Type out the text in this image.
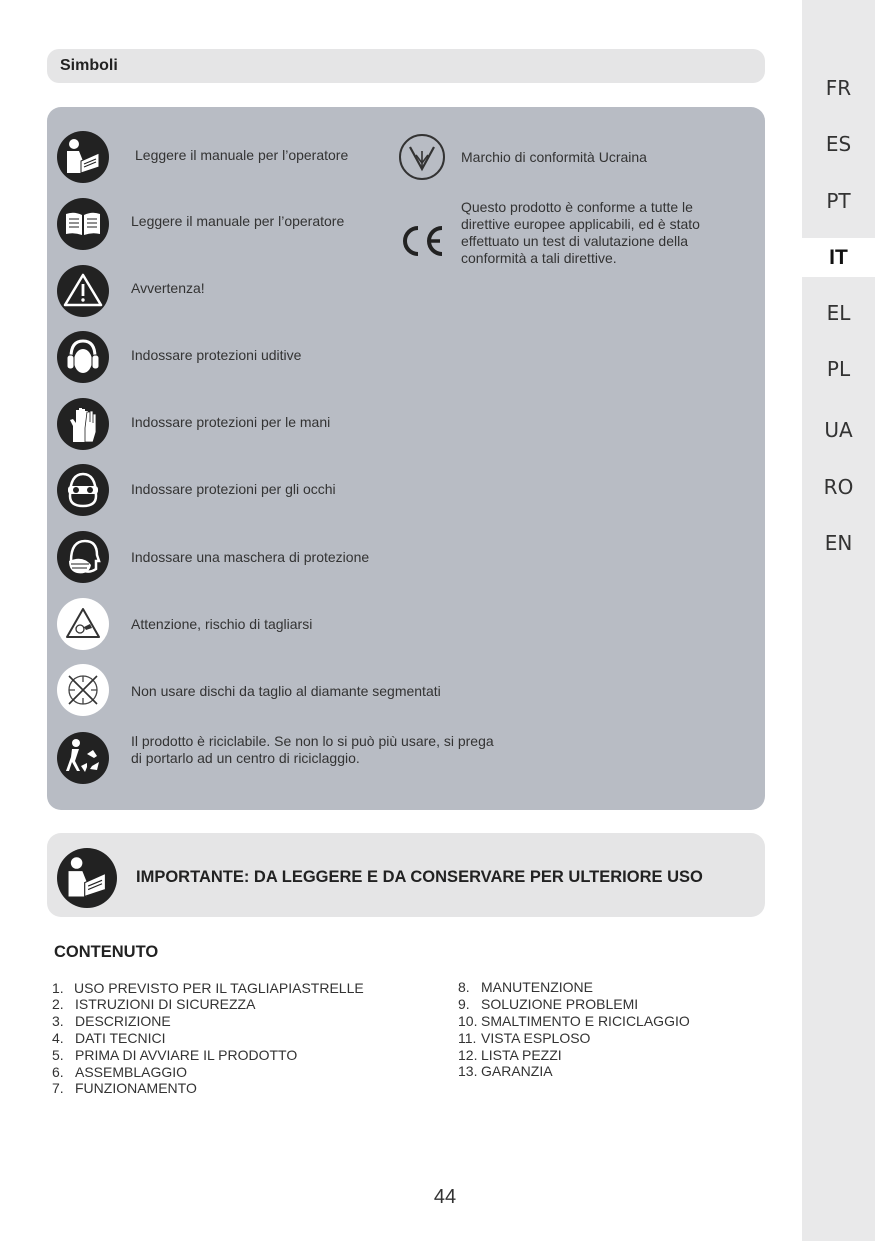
FR
ES
PT
IT
EL
PL
UA
RO
EN
Simboli
Leggere il manuale per l’operatore
Leggere il manuale per l’operatore
Avvertenza!
Indossare protezioni uditive
Indossare protezioni per le mani
Indossare protezioni per gli occhi
Indossare una maschera di protezione
Attenzione, rischio di tagliarsi
Non usare dischi da taglio al diamante segmentati
Il prodotto è riciclabile. Se non lo si può più usare, si prega
di portarlo ad un centro di riciclaggio.
Marchio di conformità Ucraina
Questo prodotto è conforme a tutte le
direttive europee applicabili, ed è stato
effettuato un test di valutazione della
conformità a tali direttive.
IMPORTANTE: DA LEGGERE E DA CONSERVARE PER ULTERIORE USO
CONTENUTO
1. USO PREVISTO PER IL TAGLIAPIASTRELLE
2. ISTRUZIONI DI SICUREZZA
3. DESCRIZIONE
4. DATI TECNICI
5. PRIMA DI AVVIARE IL PRODOTTO
6. ASSEMBLAGGIO
7. FUNZIONAMENTO
8. MANUTENZIONE
9. SOLUZIONE PROBLEMI
10. SMALTIMENTO E RICICLAGGIO
11. VISTA ESPLOSO
12. LISTA PEZZI
13. GARANZIA
44
